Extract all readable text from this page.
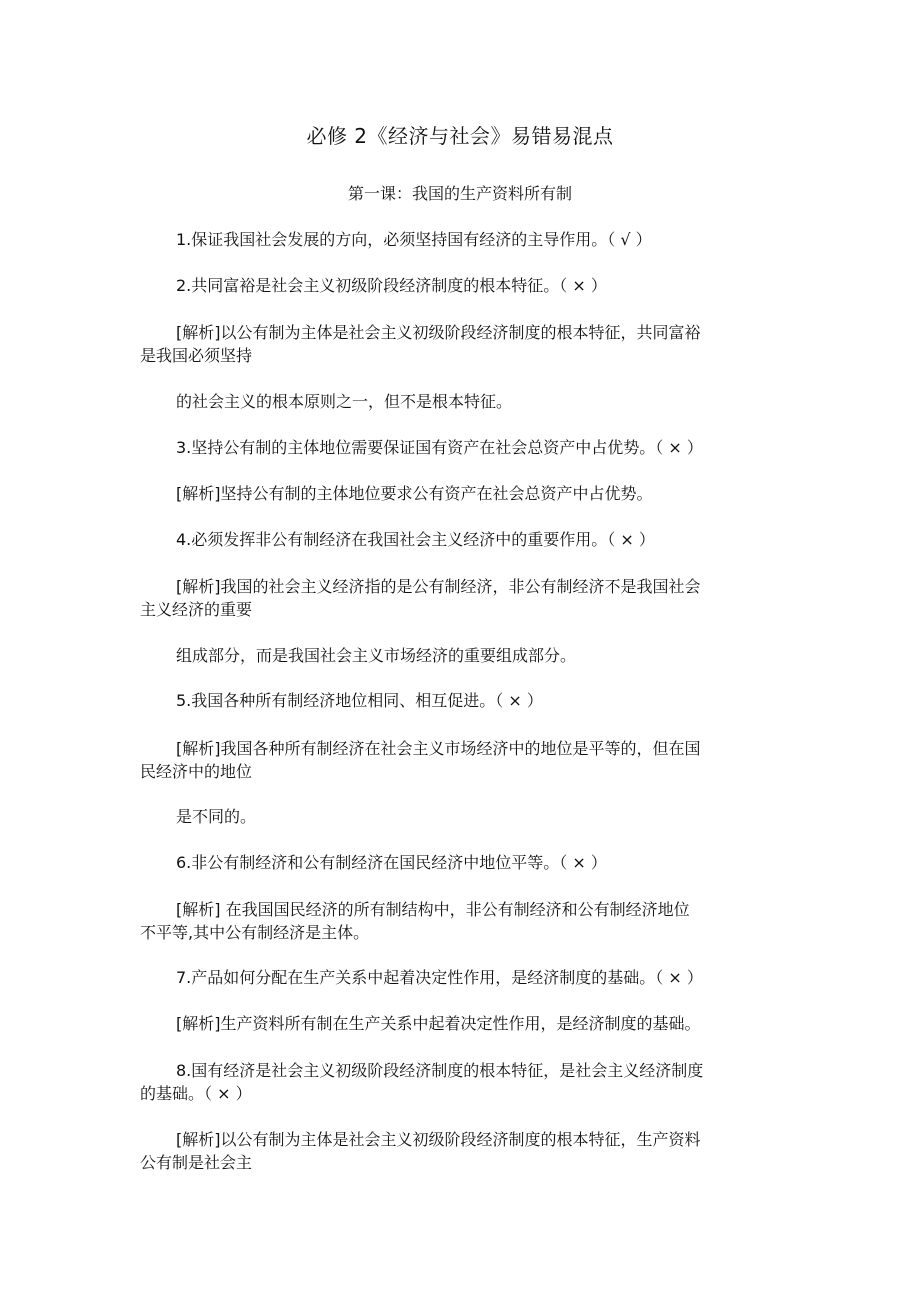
必修 2《经济与社会》易错易混点
第一课：我国的生产资料所有制
1.保证我国社会发展的方向，必须坚持国有经济的主导作用。（ √ ）
2.共同富裕是社会主义初级阶段经济制度的根本特征。（ × ）
[解析]以公有制为主体是社会主义初级阶段经济制度的根本特征，共同富裕
是我国必须坚持
的社会主义的根本原则之一，但不是根本特征。
3.坚持公有制的主体地位需要保证国有资产在社会总资产中占优势。（ × ）
[解析]坚持公有制的主体地位要求公有资产在社会总资产中占优势。
4.必须发挥非公有制经济在我国社会主义经济中的重要作用。（ × ）
[解析]我国的社会主义经济指的是公有制经济，非公有制经济不是我国社会
主义经济的重要
组成部分，而是我国社会主义市场经济的重要组成部分。
5.我国各种所有制经济地位相同、相互促进。（ × ）
[解析]我国各种所有制经济在社会主义市场经济中的地位是平等的，但在国
民经济中的地位
是不同的。
6.非公有制经济和公有制经济在国民经济中地位平等。（ × ）
[解析] 在我国国民经济的所有制结构中，非公有制经济和公有制经济地位
不平等,其中公有制经济是主体。
7.产品如何分配在生产关系中起着决定性作用，是经济制度的基础。（ × ）
[解析]生产资料所有制在生产关系中起着决定性作用，是经济制度的基础。
8.国有经济是社会主义初级阶段经济制度的根本特征，是社会主义经济制度
的基础。（ × ）
[解析]以公有制为主体是社会主义初级阶段经济制度的根本特征，生产资料
公有制是社会主
